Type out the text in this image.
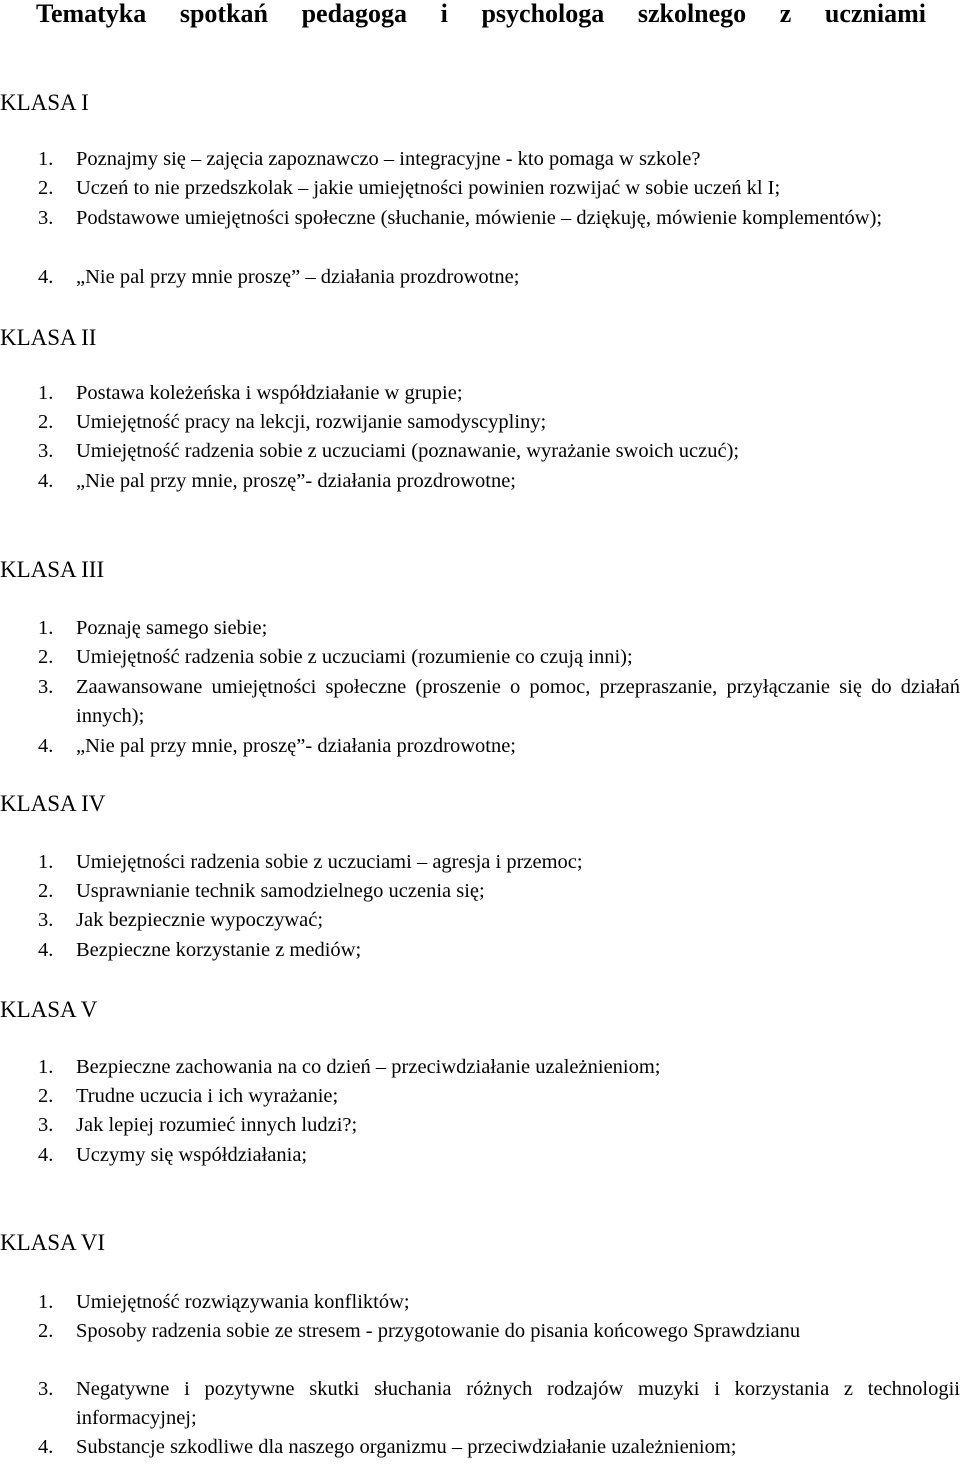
Tematyka spotkań pedagoga i psychologa szkolnego z uczniami
KLASA I
1. Poznajmy się – zajęcia zapoznawczo – integracyjne - kto pomaga w szkole?
2. Uczeń to nie przedszkolak – jakie umiejętności powinien rozwijać w sobie uczeń kl I;
3. Podstawowe umiejętności społeczne (słuchanie, mówienie – dziękuję, mówienie komplementów);
4. „Nie pal przy mnie proszę” – działania prozdrowotne;
KLASA II
1. Postawa koleżeńska i współdziałanie w grupie;
2. Umiejętność pracy na lekcji, rozwijanie samodyscypliny;
3. Umiejętność radzenia sobie z uczuciami (poznawanie, wyrażanie swoich uczuć);
4. „Nie pal przy mnie, proszę”- działania prozdrowotne;
KLASA III
1. Poznaję samego siebie;
2. Umiejętność radzenia sobie z uczuciami (rozumienie co czują inni);
3. Zaawansowane umiejętności społeczne (proszenie o pomoc, przepraszanie, przyłączanie się do działań innych);
4. „Nie pal przy mnie, proszę”- działania prozdrowotne;
KLASA IV
1. Umiejętności radzenia sobie z uczuciami – agresja i przemoc;
2. Usprawnianie technik samodzielnego uczenia się;
3. Jak bezpiecznie wypoczywać;
4. Bezpieczne korzystanie z mediów;
KLASA V
1. Bezpieczne zachowania na co dzień – przeciwdziałanie uzależnieniom;
2. Trudne uczucia i ich wyrażanie;
3. Jak lepiej rozumieć innych ludzi?;
4. Uczymy się współdziałania;
KLASA VI
1. Umiejętność rozwiązywania konfliktów;
2. Sposoby radzenia sobie ze stresem - przygotowanie do pisania końcowego Sprawdzianu
3. Negatywne i pozytywne skutki słuchania różnych rodzajów muzyki i korzystania z technologii informacyjnej;
4. Substancje szkodliwe dla naszego organizmu – przeciwdziałanie uzależnieniom;
